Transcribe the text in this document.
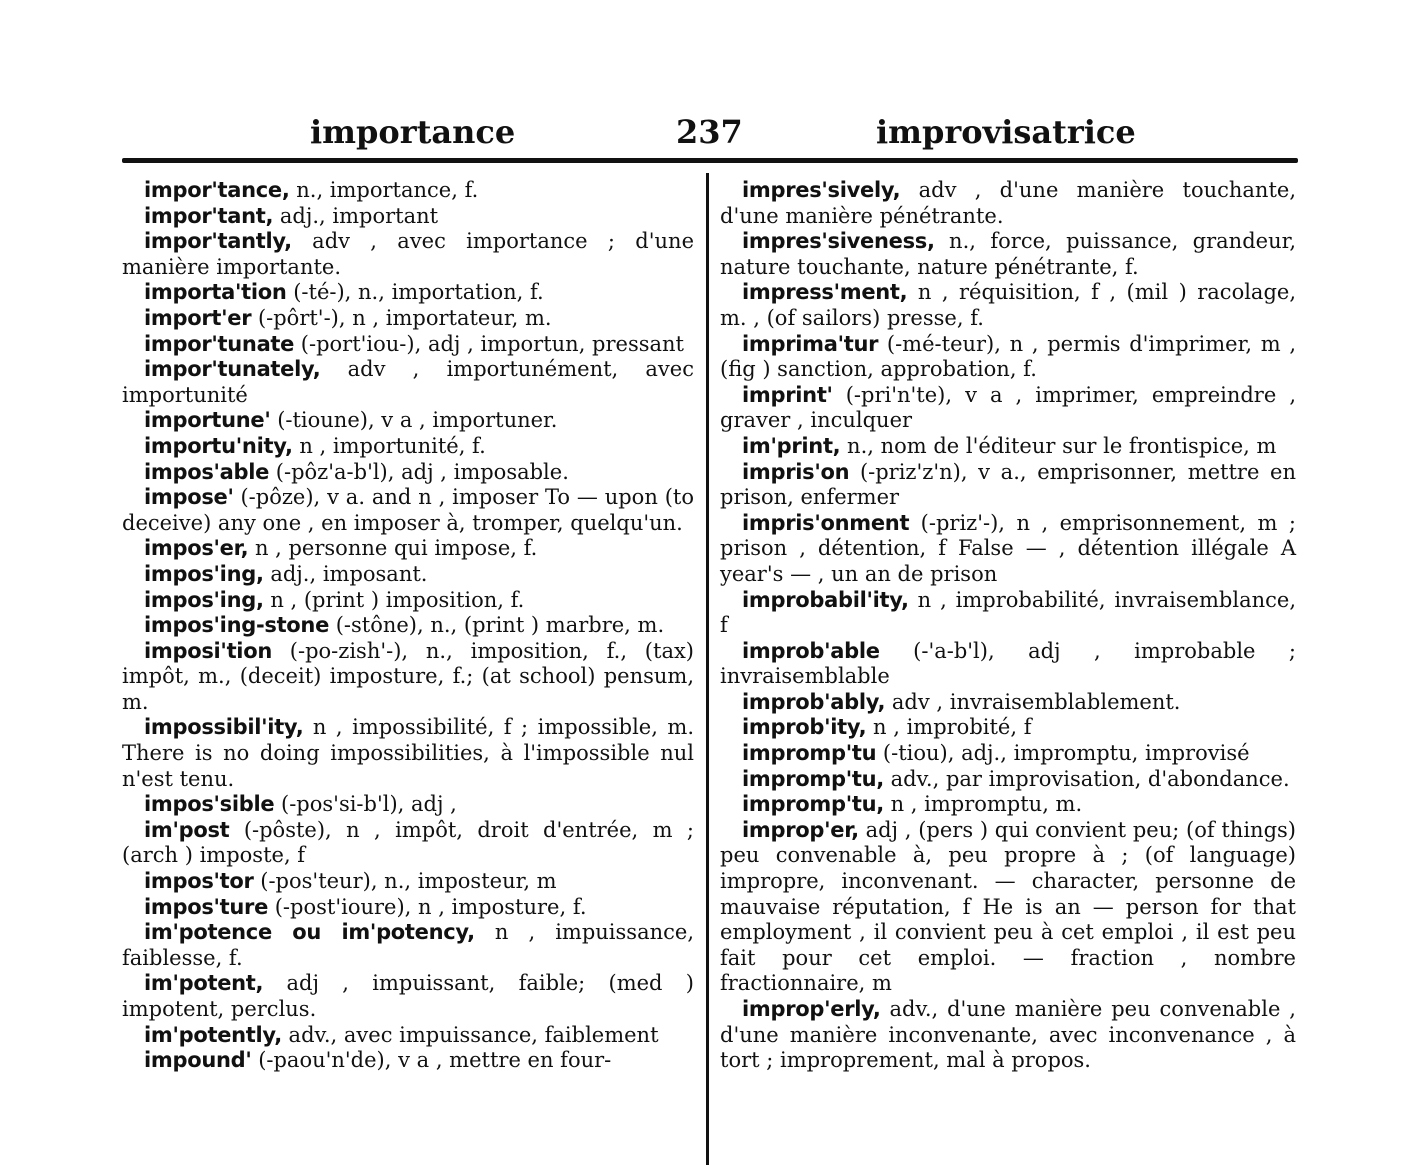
importance	237	improvisatrice

impor'tance, n., importance, f.

impor'tant, adj., important

impor'tantly, adv , avec importance ; d'une manière importante.

importa'tion (-té-), n., importation, f.

import'er (-pôrt'-), n , importateur, m.

impor'tunate (-port'iou-), adj , importun, pressant

impor'tunately, adv , importunément, avec importunité

importune' (-tioune), v a , importuner.

importu'nity, n , importunité, f.

impos'able (-pôz'a-b'l), adj , imposable.

impose' (-pôze), v a. and n , imposer To — upon (to deceive) any one , en imposer à, tromper, quelqu'un.

impos'er, n , personne qui impose, f.

impos'ing, adj., imposant.

impos'ing, n , (print ) imposition, f.

impos'ing-stone (-stône), n., (print ) marbre, m.

imposi'tion (-po-zish'-), n., imposition, f., (tax) impôt, m., (deceit) imposture, f.; (at school) pensum, m.

impossibil'ity, n , impossibilité, f ; impossible, m. There is no doing impossibilities, à l'impossible nul n'est tenu.

impos'sible (-pos'si-b'l), adj ,

im'post (-pôste), n , impôt, droit d'entrée, m ; (arch ) imposte, f

impos'tor (-pos'teur), n., imposteur, m

impos'ture (-post'ioure), n , imposture, f.

im'potence ou im'potency, n , impuissance, faiblesse, f.

im'potent, adj , impuissant, faible; (med ) impotent, perclus.

im'potently, adv., avec impuissance, faiblement

impound' (-paou'n'de), v a , mettre en four-

impres'sively, adv , d'une manière touchante, d'une manière pénétrante.

impres'siveness, n., force, puissance, grandeur, nature touchante, nature pénétrante, f.

impress'ment, n , réquisition, f , (mil ) racolage, m. , (of sailors) presse, f.

imprima'tur (-mé-teur), n , permis d'imprimer, m , (fig ) sanction, approbation, f.

imprint' (-pri'n'te), v a , imprimer, empreindre , graver , inculquer

im'print, n., nom de l'éditeur sur le frontispice, m

impris'on (-priz'z'n), v a., emprisonner, mettre en prison, enfermer

impris'onment (-priz'-), n , emprisonnement, m ; prison , détention, f False — , détention illégale A year's — , un an de prison

improbabil'ity, n , improbabilité, invraisemblance, f

improb'able (-'a-b'l), adj , improbable ; invraisemblable

improb'ably, adv , invraisemblablement.

improb'ity, n , improbité, f

impromp'tu (-tiou), adj., impromptu, improvisé

impromp'tu, adv., par improvisation, d'abondance.

impromp'tu, n , impromptu, m.

improp'er, adj , (pers ) qui convient peu; (of things) peu convenable à, peu propre à ; (of language) impropre, inconvenant. — character, personne de mauvaise réputation, f He is an — person for that employment , il convient peu à cet emploi , il est peu fait pour cet emploi. — fraction , nombre fractionnaire, m

improp'erly, adv., d'une manière peu convenable , d'une manière inconvenante, avec inconvenance , à tort ; improprement, mal à propos.
